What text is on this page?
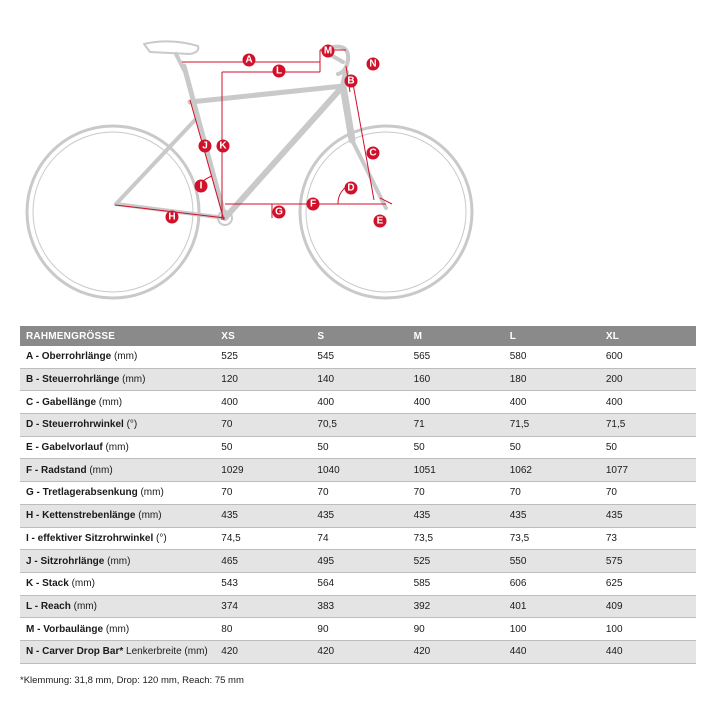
A
B
C
D
E
F
G
H
I
J K
L
M
N
RAHMENGRÖSSE	XS	S	M	L	XL
A - Oberrohrlänge (mm)	525	545	565	580	600
B - Steuerrohrlänge (mm)	120	140	160	180	200
C - Gabellänge (mm)	400	400	400	400	400
D - Steuerrohrwinkel (°)	70	70,5	71	71,5	71,5
E - Gabelvorlauf (mm)	50	50	50	50	50
F - Radstand (mm)	1029	1040	1051	1062	1077
G - Tretlagerabsenkung (mm)	70	70	70	70	70
H - Kettenstrebenlänge (mm)	435	435	435	435	435
I - effektiver Sitzrohrwinkel (°)	74,5	74	73,5	73,5	73
J - Sitzrohrlänge (mm)	465	495	525	550	575
K - Stack (mm)	543	564	585	606	625
L - Reach (mm)	374	383	392	401	409
M - Vorbaulänge (mm)	80	90	90	100	100
N - Carver Drop Bar* Lenkerbreite (mm)	420	420	420	440	440
*Klemmung: 31,8 mm, Drop: 120 mm, Reach: 75 mm
